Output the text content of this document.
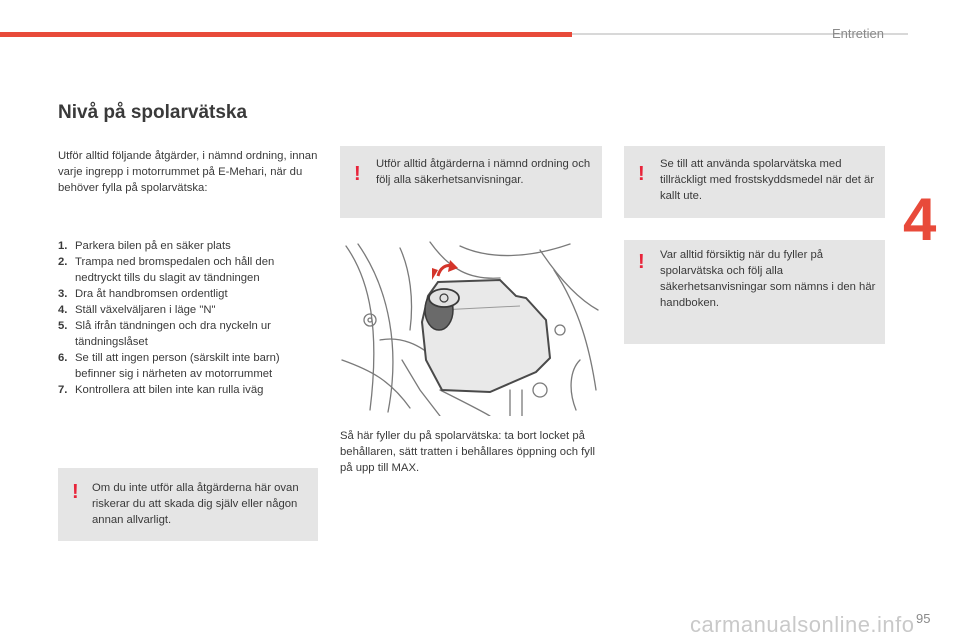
Entretien
4
Nivå på spolarvätska
Utför alltid följande åtgärder, i nämnd ordning, innan varje ingrepp i motorrummet på E-Mehari, när du behöver fylla på spolarvätska:
1. Parkera bilen på en säker plats
2. Trampa ned bromspedalen och håll den nedtryckt tills du slagit av tändningen
3. Dra åt handbromsen ordentligt
4. Ställ växelväljaren i läge "N"
5. Slå ifrån tändningen och dra nyckeln ur tändningslåset
6. Se till att ingen person (särskilt inte barn) befinner sig i närheten av motorrummet
7. Kontrollera att bilen inte kan rulla iväg
! Om du inte utför alla åtgärderna här ovan riskerar du att skada dig själv eller någon annan allvarligt.
! Utför alltid åtgärderna i nämnd ordning och följ alla säkerhetsanvisningar.	! Se till att använda spolarvätska med tillräckligt med frostskyddsmedel när det är kallt ute.
! Var alltid försiktig när du fyller på spolarvätska och följ alla säkerhetsanvisningar som nämns i den här handboken.
Så här fyller du på spolarvätska: ta bort locket på behållaren, sätt tratten i behållares öppning och fyll på upp till MAX.
carmanualsonline.info 95
